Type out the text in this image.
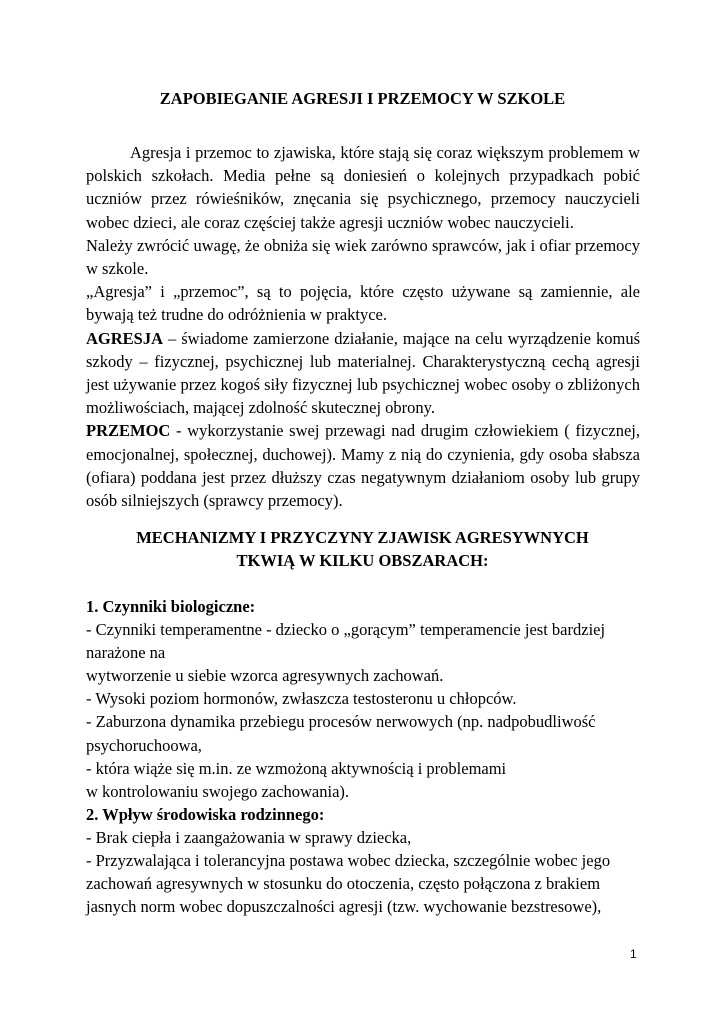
ZAPOBIEGANIE AGRESJI I PRZEMOCY W SZKOLE

Agresja i przemoc to zjawiska, które stają się coraz większym problemem w polskich szkołach. Media pełne są doniesień o kolejnych przypadkach pobić uczniów przez rówieśników, znęcania się psychicznego, przemocy nauczycieli wobec dzieci, ale coraz częściej także agresji uczniów wobec nauczycieli.

Należy zwrócić uwagę, że obniża się wiek zarówno sprawców, jak i ofiar przemocy w szkole.

„Agresja” i „przemoc”, są to pojęcia, które często używane są zamiennie, ale bywają też trudne do odróżnienia w praktyce.

AGRESJA – świadome zamierzone działanie, mające na celu wyrządzenie komuś szkody – fizycznej, psychicznej lub materialnej. Charakterystyczną cechą agresji jest używanie przez kogoś siły fizycznej lub psychicznej wobec osoby o zbliżonych możliwościach, mającej zdolność skutecznej obrony.

PRZEMOC - wykorzystanie swej przewagi nad drugim człowiekiem ( fizycznej, emocjonalnej, społecznej, duchowej). Mamy z nią do czynienia, gdy osoba słabsza (ofiara) poddana jest przez dłuższy czas negatywnym działaniom osoby lub grupy osób silniejszych (sprawcy przemocy).

MECHANIZMY I PRZYCZYNY ZJAWISK AGRESYWNYCH
TKWIĄ W KILKU OBSZARACH:
1. Czynniki biologiczne:
- Czynniki temperamentne - dziecko o „gorącym” temperamencie jest bardziej
narażone na
wytworzenie u siebie wzorca agresywnych zachowań.
- Wysoki poziom hormonów, zwłaszcza testosteronu u chłopców.
- Zaburzona dynamika przebiegu procesów nerwowych (np. nadpobudliwość
psychoruchoowa,
- która wiąże się m.in. ze wzmożoną aktywnością i problemami
w kontrolowaniu swojego zachowania).
2. Wpływ środowiska rodzinnego:
- Brak ciepła i zaangażowania w sprawy dziecka,
- Przyzwalająca i tolerancyjna postawa wobec dziecka, szczególnie wobec jego
zachowań agresywnych w stosunku do otoczenia, często połączona z brakiem
jasnych norm wobec dopuszczalności agresji (tzw. wychowanie bezstresowe),
1
